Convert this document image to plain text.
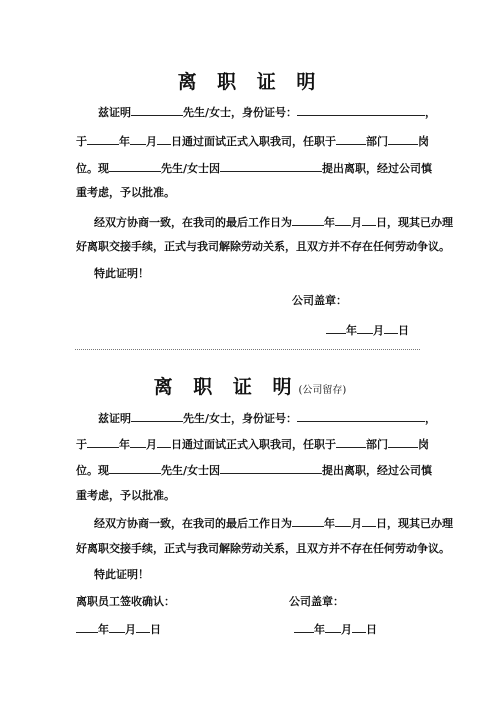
离 职 证 明
兹证明	先生/女士，身份证号：	，
于	年 月 日通过面试正式入职我司，任职于	部门	岗
位。现	先生/女士因	提出离职，经过公司慎
重考虑，予以批准。
经双方协商一致，在我司的最后工作日为	年 月 日，现其已办理
好离职交接手续，正式与我司解除劳动关系，且双方并不存在任何劳动争议。
特此证明！
公司盖章：
年 月 日
离 职 证 明(公司留存)
兹证明	先生/女士，身份证号：	，
于	年 月 日通过面试正式入职我司，任职于	部门	岗
位。现	先生/女士因	提出离职，经过公司慎
重考虑，予以批准。
经双方协商一致，在我司的最后工作日为	年 月 日，现其已办理
好离职交接手续，正式与我司解除劳动关系，且双方并不存在任何劳动争议。
特此证明！
离职员工签收确认：	公司盖章：
年 月 日	年 月 日
